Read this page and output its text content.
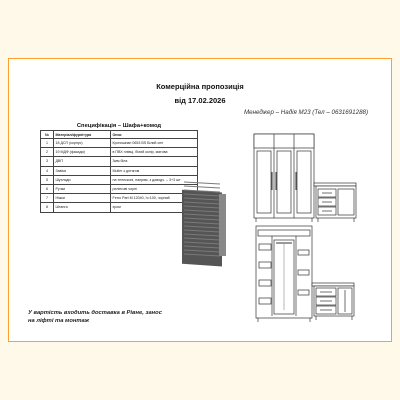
Комерційна пропозиція
від 17.02.2026
Менеджер – Надія М23 (Тел – 0631691288)
Специфікація – Шафа+комод
№	Матеріал/фурнітура	Опис
1	18 ДСП (корпус)	Кроношпан 0653 BS Білий сніг
2	19 МДФ (фасади)	в ПВХ плівці, білий колір, матова
3	ДВП	3мм біла
4	Завіси	Muller з дотягом
5	Шухляди	на телескопі, напрям. з доводч. – 3+3 шт
6	Ручки	релінгові чорні
7	Ніжки	Ferro Part M 12040, h=100, чорний
8	Штанга	хром
У вартість входить доставка в Рівне, занос
на ліфті та монтаж
